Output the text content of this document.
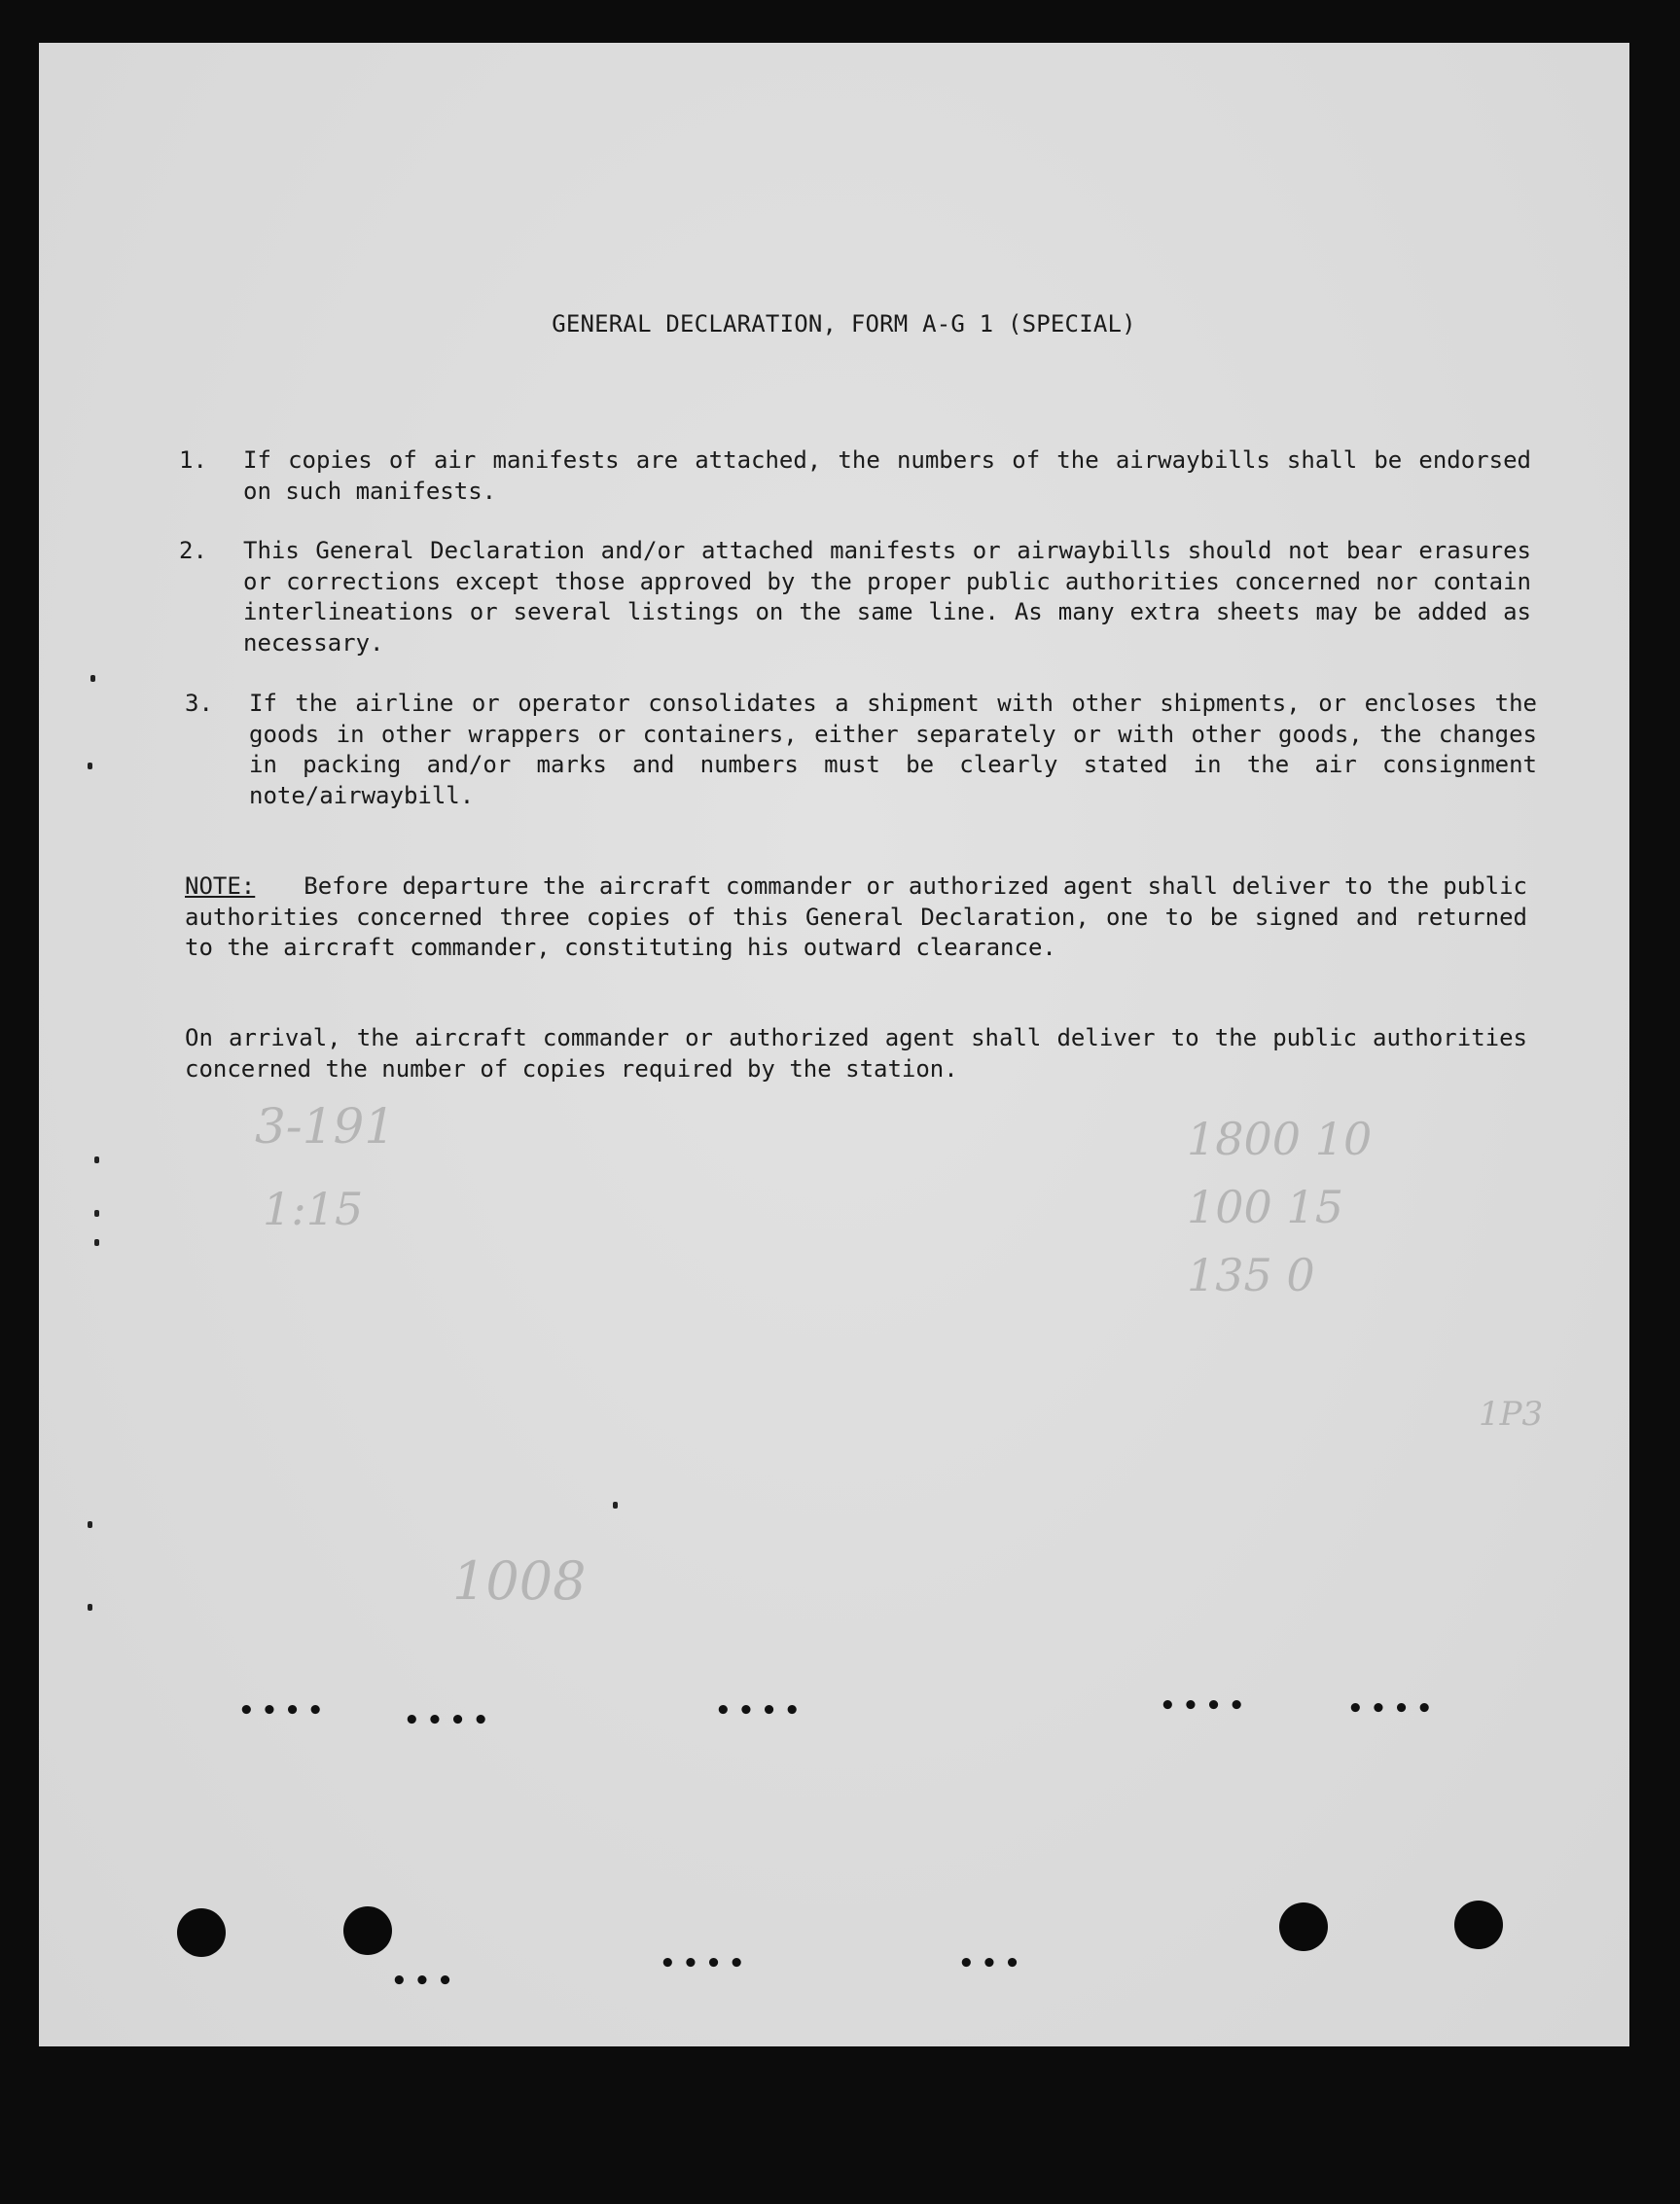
GENERAL DECLARATION, FORM A-G 1 (SPECIAL)
1.	If copies of air manifests are attached, the numbers of the airwaybills shall be endorsed on such manifests.
2.	This General Declaration and/or attached manifests or airwaybills should not bear erasures or corrections except those approved by the proper public authorities concerned nor contain interlineations or several listings on the same line. As many extra sheets may be added as necessary.
3.	If the airline or operator consolidates a shipment with other shipments, or encloses the goods in other wrappers or containers, either separately or with other goods, the changes in packing and/or marks and numbers must be clearly stated in the air consignment note/airwaybill.
NOTE: Before departure the aircraft commander or authorized agent shall deliver to the public authorities concerned three copies of this General Declaration, one to be signed and returned to the aircraft commander, constituting his outward clearance.
On arrival, the aircraft commander or authorized agent shall deliver to the public authorities concerned the number of copies required by the station.
3-191
1:15
1800 10
100 15
135 0
1P3
1008
••••	••••	••••	••••	••••
•••
••••	•••
